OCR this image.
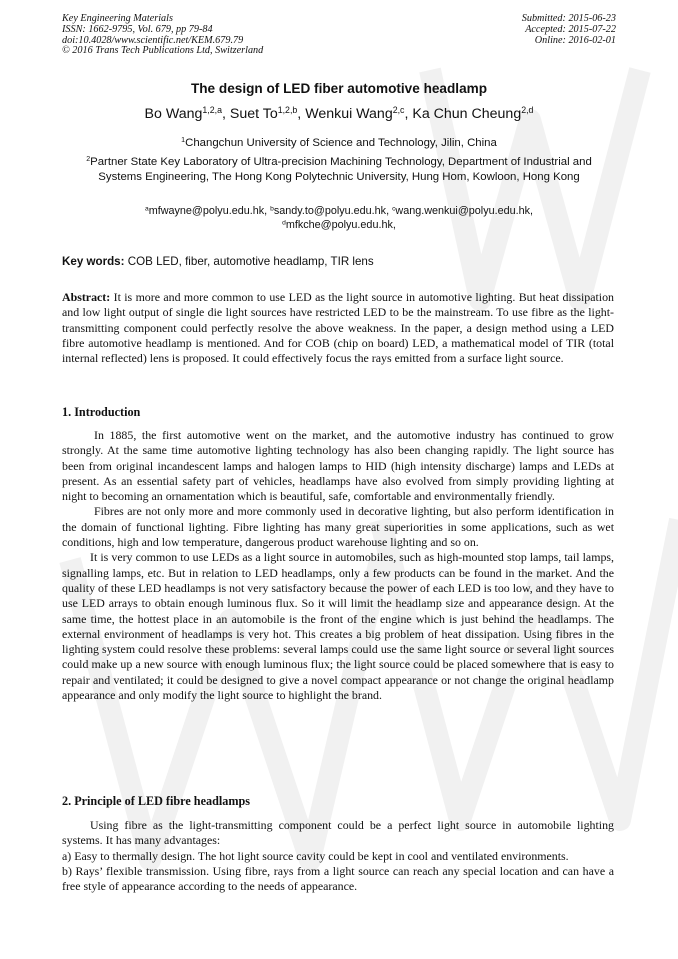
Key Engineering Materials
ISSN: 1662-9795, Vol. 679, pp 79-84
doi:10.4028/www.scientific.net/KEM.679.79
© 2016 Trans Tech Publications Ltd, Switzerland
Submitted: 2015-06-23
Accepted: 2015-07-22
Online: 2016-02-01
The design of LED fiber automotive headlamp
Bo Wang$^{1,2,a}$, Suet To$^{1,2,b}$, Wenkui Wang$^{2,c}$, Ka Chun Cheung$^{2,d}$
$^1$Changchun University of Science and Technology, Jilin, China
$^2$Partner State Key Laboratory of Ultra-precision Machining Technology, Department of Industrial and Systems Engineering, The Hong Kong Polytechnic University, Hung Hom, Kowloon, Hong Kong
$^a$mfwayne@polyu.edu.hk, $^b$sandy.to@polyu.edu.hk, $^c$wang.wenkui@polyu.edu.hk,
$^d$mfkche@polyu.edu.hk,
Key words: COB LED, fiber, automotive headlamp, TIR lens
Abstract: It is more and more common to use LED as the light source in automotive lighting. But heat dissipation and low light output of single die light sources have restricted LED to be the mainstream. To use fibre as the light-transmitting component could perfectly resolve the above weakness. In the paper, a design method using a LED fibre automotive headlamp is mentioned. And for COB (chip on board) LED, a mathematical model of TIR (total internal reflected) lens is proposed. It could effectively focus the rays emitted from a surface light source.
1. Introduction

In 1885, the first automotive went on the market, and the automotive industry has continued to grow strongly. At the same time automotive lighting technology has also been changing rapidly. The light source has been from original incandescent lamps and halogen lamps to HID (high intensity discharge) lamps and LEDs at present. As an essential safety part of vehicles, headlamps have also evolved from simply providing lighting at night to becoming an ornamentation which is beautiful, safe, comfortable and environmentally friendly.

Fibres are not only more and more commonly used in decorative lighting, but also perform identification in the domain of functional lighting. Fibre lighting has many great superiorities in some applications, such as wet conditions, high and low temperature, dangerous product warehouse lighting and so on.

It is very common to use LEDs as a light source in automobiles, such as high-mounted stop lamps, tail lamps, signalling lamps, etc. But in relation to LED headlamps, only a few products can be found in the market. And the quality of these LED headlamps is not very satisfactory because the power of each LED is too low, and they have to use LED arrays to obtain enough luminous flux. So it will limit the headlamp size and appearance design. At the same time, the hottest place in an automobile is the front of the engine which is just behind the headlamps. The external environment of headlamps is very hot. This creates a big problem of heat dissipation. Using fibres in the lighting system could resolve these problems: several lamps could use the same light source or several light sources could make up a new source with enough luminous flux; the light source could be placed somewhere that is easy to repair and ventilated; it could be designed to give a novel compact appearance or not change the original headlamp appearance and only modify the light source to highlight the brand.

2. Principle of LED fibre headlamps

Using fibre as the light-transmitting component could be a perfect light source in automobile lighting systems. It has many advantages:

a) Easy to thermally design. The hot light source cavity could be kept in cool and ventilated environments.

b) Rays’ flexible transmission. Using fibre, rays from a light source can reach any special location and can have a free style of appearance according to the needs of appearance.
